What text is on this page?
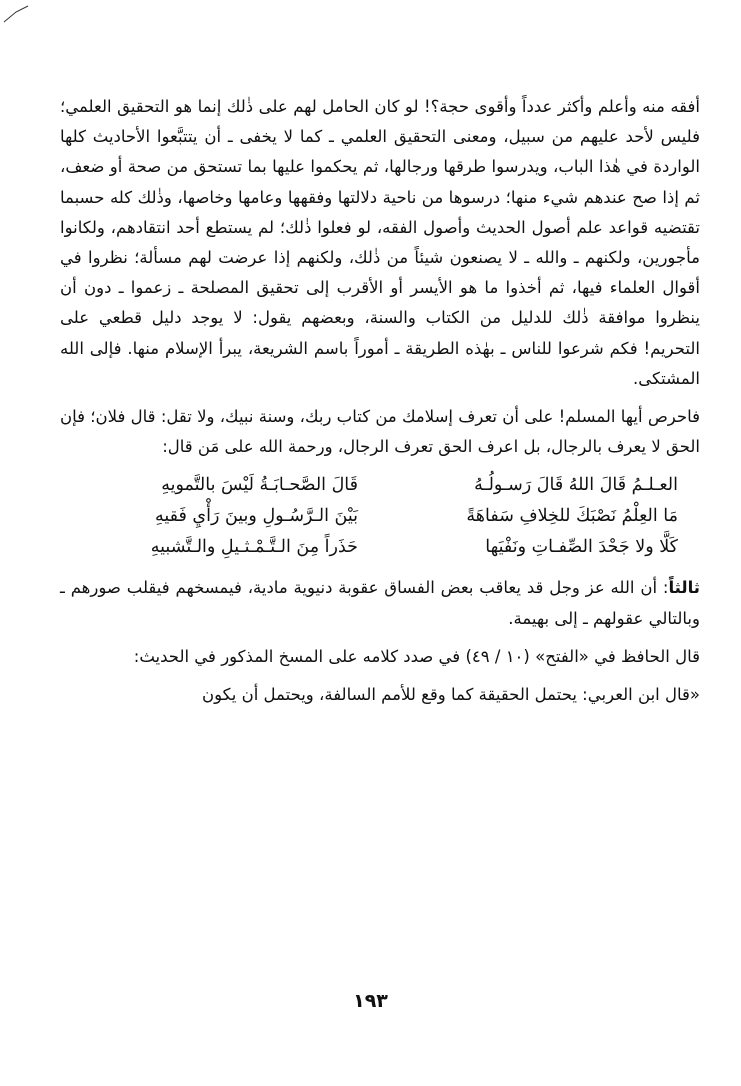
أفقه منه وأعلم وأكثر عدداً وأقوى حجة؟! لو كان الحامل لهم على ذٰلك إنما هو التحقيق العلمي؛ فليس لأحد عليهم من سبيل، ومعنى التحقيق العلمي ـ كما لا يخفى ـ أن يتتبَّعوا الأحاديث كلها الواردة في هٰذا الباب، ويدرسوا طرقها ورجالها، ثم يحكموا عليها بما تستحق من صحة أو ضعف، ثم إذا صح عندهم شيء منها؛ درسوها من ناحية دلالتها وفقهها وعامها وخاصها، وذٰلك كله حسبما تقتضيه قواعد علم أصول الحديث وأصول الفقه، لو فعلوا ذٰلك؛ لم يستطع أحد انتقادهم، ولكانوا مأجورين، ولكنهم ـ والله ـ لا يصنعون شيئاً من ذٰلك، ولكنهم إذا عرضت لهم مسألة؛ نظروا في أقوال العلماء فيها، ثم أخذوا ما هو الأيسر أو الأقرب إلى تحقيق المصلحة ـ زعموا ـ دون أن ينظروا موافقة ذٰلك للدليل من الكتاب والسنة، وبعضهم يقول: لا يوجد دليل قطعي على التحريم! فكم شرعوا للناس ـ بهٰذه الطريقة ـ أموراً باسم الشريعة، يبرأ الإسلام منها. فإلى الله المشتكى.

فاحرص أيها المسلم! على أن تعرف إسلامك من كتاب ربك، وسنة نبيك، ولا تقل: قال فلان؛ فإن الحق لا يعرف بالرجال، بل اعرف الحق تعرف الرجال، ورحمة الله على مَن قال:

العـلـمُ قَالَ اللهُ قَالَ رَسـولُـهُ
قَالَ الصَّحـابَـةُ لَيْسَ بالتَّمويهِ
مَا العِلْمُ نَصْبَكَ للخِلافِ سَفاهَةً
بَيْنَ الـرَّسُـولِ وبينَ رَأْيِ فَقيهِ
كَلَّا ولا جَحْدَ الصِّفـاتِ ونَفْيَها
حَذَراً مِنَ الـتَّـمْـثـيلِ والـتَّشبيهِ

ثالثاً: أن الله عز وجل قد يعاقب بعض الفساق عقوبة دنيوية مادية، فيمسخهم فيقلب صورهم ـ وبالتالي عقولهم ـ إلى بهيمة.

قال الحافظ في «الفتح» (١٠ / ٤٩) في صدد كلامه على المسخ المذكور في الحديث:

«قال ابن العربي: يحتمل الحقيقة كما وقع للأمم السالفة، ويحتمل أن يكون

١٩٣
